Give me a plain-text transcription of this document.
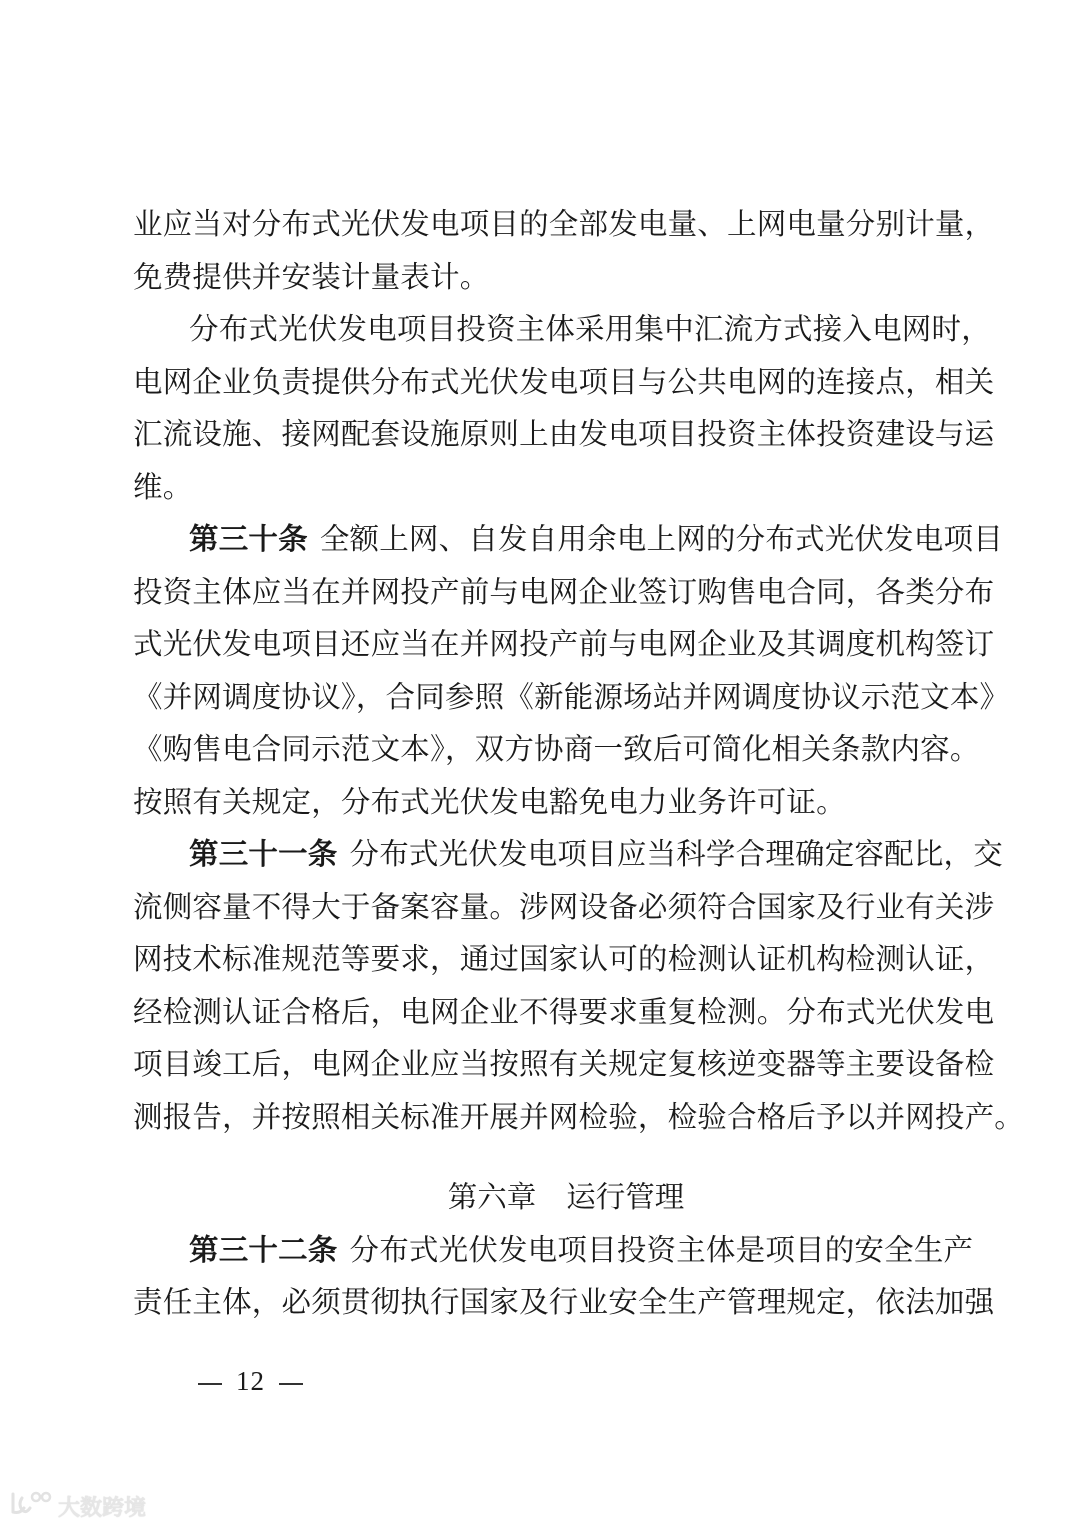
业应当对分布式光伏发电项目的全部发电量、上网电量分别计量，
免费提供并安装计量表计。
分布式光伏发电项目投资主体采用集中汇流方式接入电网时，
电网企业负责提供分布式光伏发电项目与公共电网的连接点，相关
汇流设施、接网配套设施原则上由发电项目投资主体投资建设与运
维。
第三十条 全额上网、自发自用余电上网的分布式光伏发电项目
投资主体应当在并网投产前与电网企业签订购售电合同，各类分布
式光伏发电项目还应当在并网投产前与电网企业及其调度机构签订
《并网调度协议》，合同参照《新能源场站并网调度协议示范文本》
《购售电合同示范文本》，双方协商一致后可简化相关条款内容。
按照有关规定，分布式光伏发电豁免电力业务许可证。
第三十一条 分布式光伏发电项目应当科学合理确定容配比，交
流侧容量不得大于备案容量。涉网设备必须符合国家及行业有关涉
网技术标准规范等要求，通过国家认可的检测认证机构检测认证，
经检测认证合格后，电网企业不得要求重复检测。分布式光伏发电
项目竣工后，电网企业应当按照有关规定复核逆变器等主要设备检
测报告，并按照相关标准开展并网检验，检验合格后予以并网投产。
第六章 运行管理
第三十二条 分布式光伏发电项目投资主体是项目的安全生产
责任主体，必须贯彻执行国家及行业安全生产管理规定，依法加强
12
大数跨境
